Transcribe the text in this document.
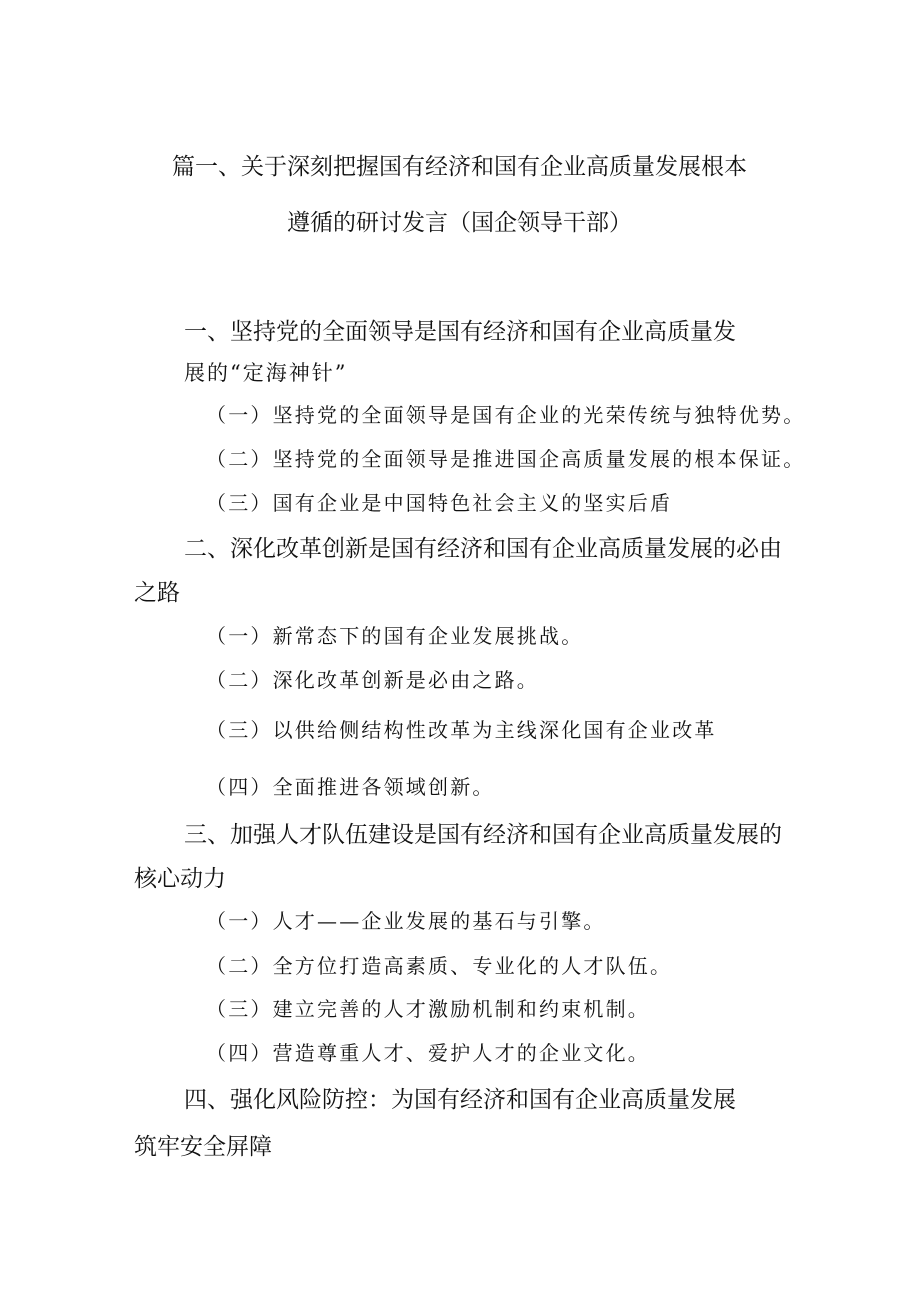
篇一、关于深刻把握国有经济和国有企业高质量发展根本
遵循的研讨发言（国企领导干部）
一、坚持党的全面领导是国有经济和国有企业高质量发
展的“定海神针”
（一）坚持党的全面领导是国有企业的光荣传统与独特优势。
（二）坚持党的全面领导是推进国企高质量发展的根本保证。
（三）国有企业是中国特色社会主义的坚实后盾
二、深化改革创新是国有经济和国有企业高质量发展的必由
之路
（一）新常态下的国有企业发展挑战。
（二）深化改革创新是必由之路。
（三）以供给侧结构性改革为主线深化国有企业改革
（四）全面推进各领域创新。
三、加强人才队伍建设是国有经济和国有企业高质量发展的
核心动力
（一）人才——企业发展的基石与引擎。
（二）全方位打造高素质、专业化的人才队伍。
（三）建立完善的人才激励机制和约束机制。
（四）营造尊重人才、爱护人才的企业文化。
四、强化风险防控：为国有经济和国有企业高质量发展
筑牢安全屏障
